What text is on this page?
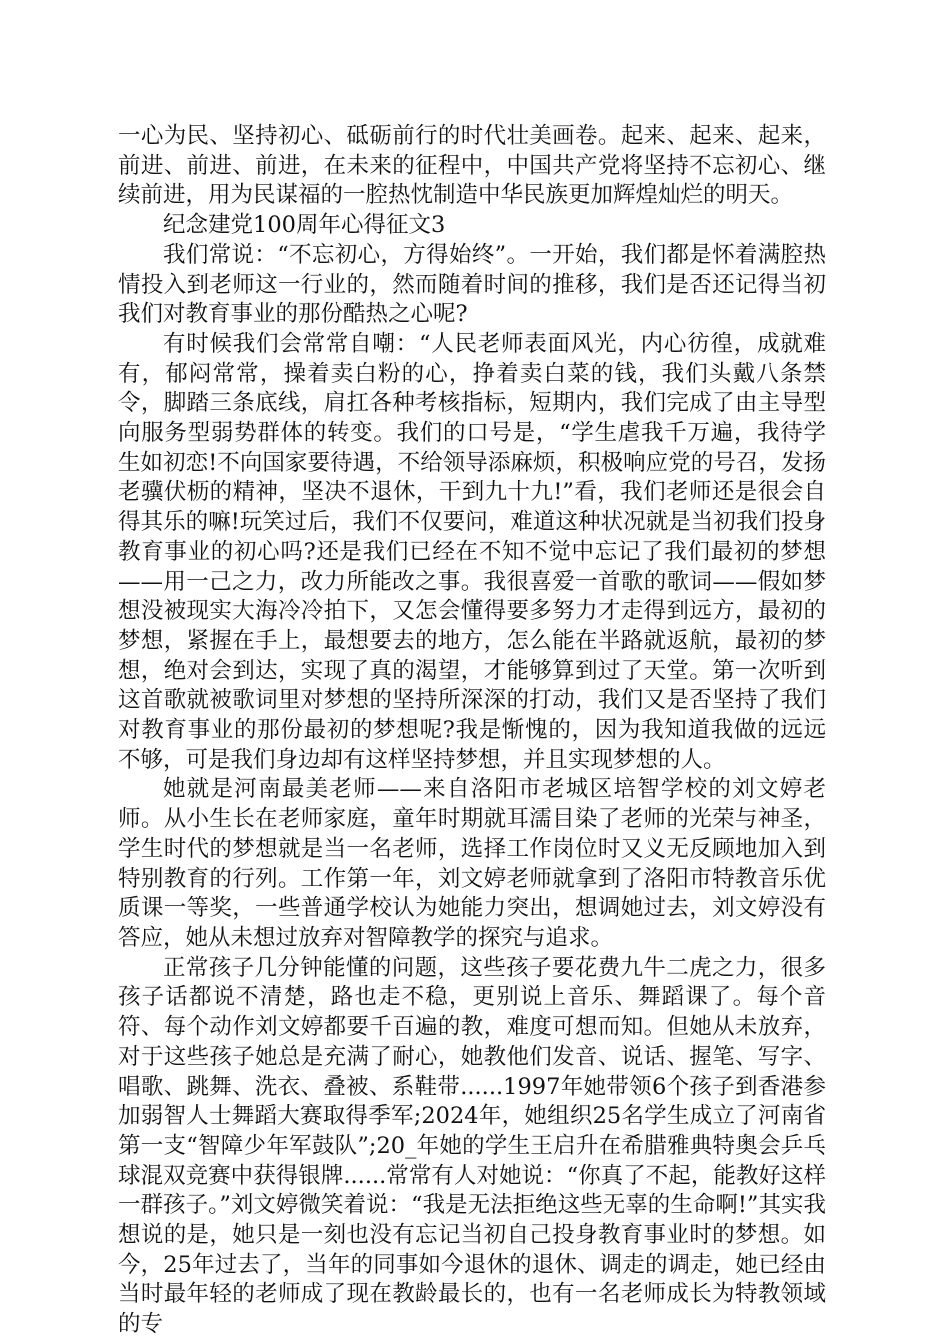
一心为民、坚持初心、砥砺前行的时代壮美画卷。起来、起来、起来，前进、前进、前进，在未来的征程中，中国共产党将坚持不忘初心、继续前进，用为民谋福的一腔热忱制造中华民族更加辉煌灿烂的明天。

纪念建党100周年心得征文3

我们常说：“不忘初心，方得始终”。一开始，我们都是怀着满腔热情投入到老师这一行业的，然而随着时间的推移，我们是否还记得当初我们对教育事业的那份酷热之心呢?

有时候我们会常常自嘲：“人民老师表面风光，内心彷徨，成就难有，郁闷常常，操着卖白粉的心，挣着卖白菜的钱，我们头戴八条禁令，脚踏三条底线，肩扛各种考核指标，短期内，我们完成了由主导型向服务型弱势群体的转变。我们的口号是，“学生虐我千万遍，我待学生如初恋!不向国家要待遇，不给领导添麻烦，积极响应党的号召，发扬老骥伏枥的精神，坚决不退休，干到九十九!”看，我们老师还是很会自得其乐的嘛!玩笑过后，我们不仅要问，难道这种状况就是当初我们投身教育事业的初心吗?还是我们已经在不知不觉中忘记了我们最初的梦想——用一己之力，改力所能改之事。我很喜爱一首歌的歌词——假如梦想没被现实大海冷冷拍下，又怎会懂得要多努力才走得到远方，最初的梦想，紧握在手上，最想要去的地方，怎么能在半路就返航，最初的梦想，绝对会到达，实现了真的渴望，才能够算到过了天堂。第一次听到这首歌就被歌词里对梦想的坚持所深深的打动，我们又是否坚持了我们对教育事业的那份最初的梦想呢?我是惭愧的，因为我知道我做的远远不够，可是我们身边却有这样坚持梦想，并且实现梦想的人。

她就是河南最美老师——来自洛阳市老城区培智学校的刘文婷老师。从小生长在老师家庭，童年时期就耳濡目染了老师的光荣与神圣，学生时代的梦想就是当一名老师，选择工作岗位时又义无反顾地加入到特别教育的行列。工作第一年，刘文婷老师就拿到了洛阳市特教音乐优质课一等奖，一些普通学校认为她能力突出，想调她过去，刘文婷没有答应，她从未想过放弃对智障教学的探究与追求。

正常孩子几分钟能懂的问题，这些孩子要花费九牛二虎之力，很多孩子话都说不清楚，路也走不稳，更别说上音乐、舞蹈课了。每个音符、每个动作刘文婷都要千百遍的教，难度可想而知。但她从未放弃，对于这些孩子她总是充满了耐心，她教他们发音、说话、握笔、写字、唱歌、跳舞、洗衣、叠被、系鞋带......1997年她带领6个孩子到香港参加弱智人士舞蹈大赛取得季军;2024年，她组织25名学生成立了河南省第一支“智障少年军鼓队”;20_年她的学生王启升在希腊雅典特奥会乒乓球混双竞赛中获得银牌......常常有人对她说：“你真了不起，能教好这样一群孩子。”刘文婷微笑着说：“我是无法拒绝这些无辜的生命啊!”其实我想说的是，她只是一刻也没有忘记当初自己投身教育事业时的梦想。如今，25年过去了，当年的同事如今退休的退休、调走的调走，她已经由当时最年轻的老师成了现在教龄最长的，也有一名老师成长为特教领域的专
